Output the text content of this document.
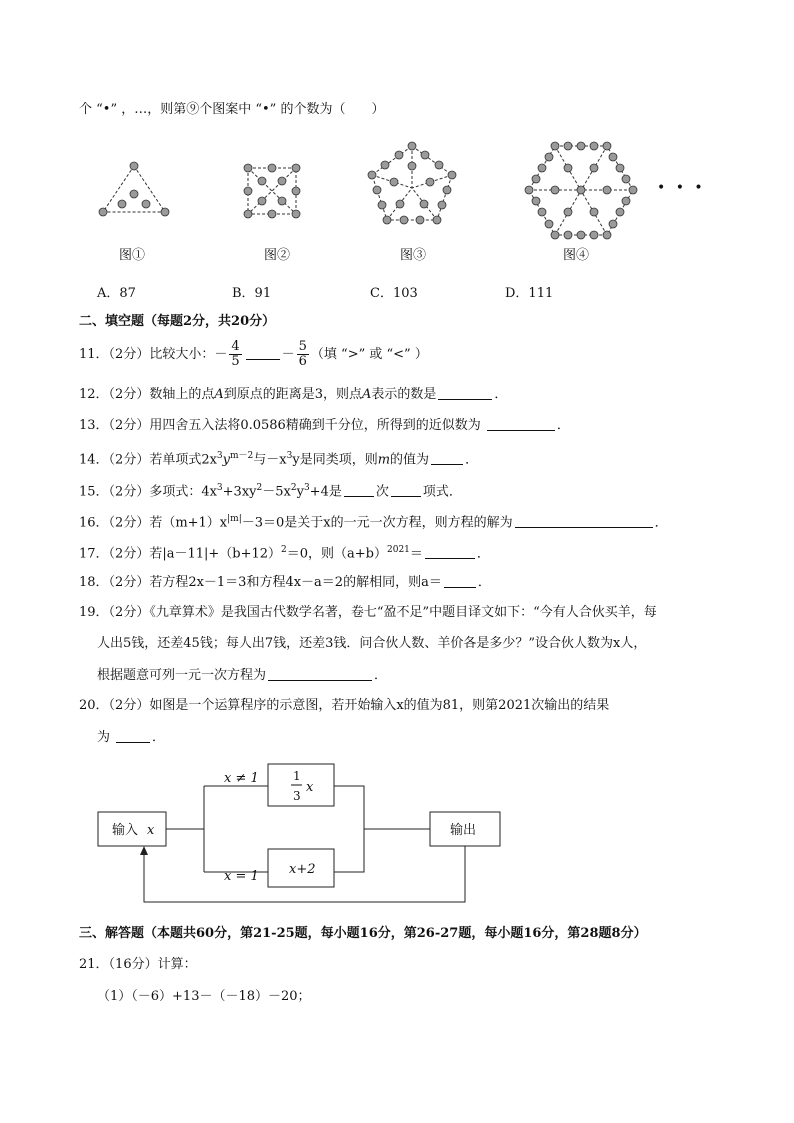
个 “•” ，…，则第⑨个图案中 “•” 的个数为（　　）
图①	图②	图③	图④
• • •
A．87	B．91	C．103	D．111
二、填空题（每题2分，共20分）
11．（2分）比较大小：－ $\frac{4}{5}$	－ $\frac{5}{6}$ （填 “>” 或 “<” ）
12．（2分）数轴上的点A到原点的距离是3，则点A表示的数是	．
13．（2分）用四舍五入法将0.0586精确到千分位，所得到的近似数为	．
14．（2分）若单项式$2x^3y^{m-2}$与$-x^3y$是同类项，则m的值为	．
15．（2分）多项式：$4x^3+3xy^2-5x^2y^3+4$是	次	项式．
16．（2分）若$(m+1)x^{|m|}-3=0$是关于x的一元一次方程，则方程的解为	．
17．（2分）若$|a-11|+(b+12)^2=0$，则$(a+b)^{2021}=$	．
18．（2分）若方程2x－1＝3和方程4x－a＝2的解相同，则a＝	．
19．（2分）《九章算术》是我国古代数学名著，卷七“盈不足”中题目译文如下：“今有人合伙买羊，每
人出5钱，还差45钱；每人出7钱，还差3钱．问合伙人数、羊价各是多少？”设合伙人数为x人，
根据题意可列一元一次方程为	．
20．（2分）如图是一个运算程序的示意图，若开始输入x的值为81，则第2021次输出的结果
为	．
输入 x	输出
x ≠ 1
x = 1
1
3
x
x+2
三、解答题（本题共60分，第21-25题，每小题16分，第26-27题，每小题16分，第28题8分）
21．（16分）计算：
（1）（－6）+13－（－18）－20；
